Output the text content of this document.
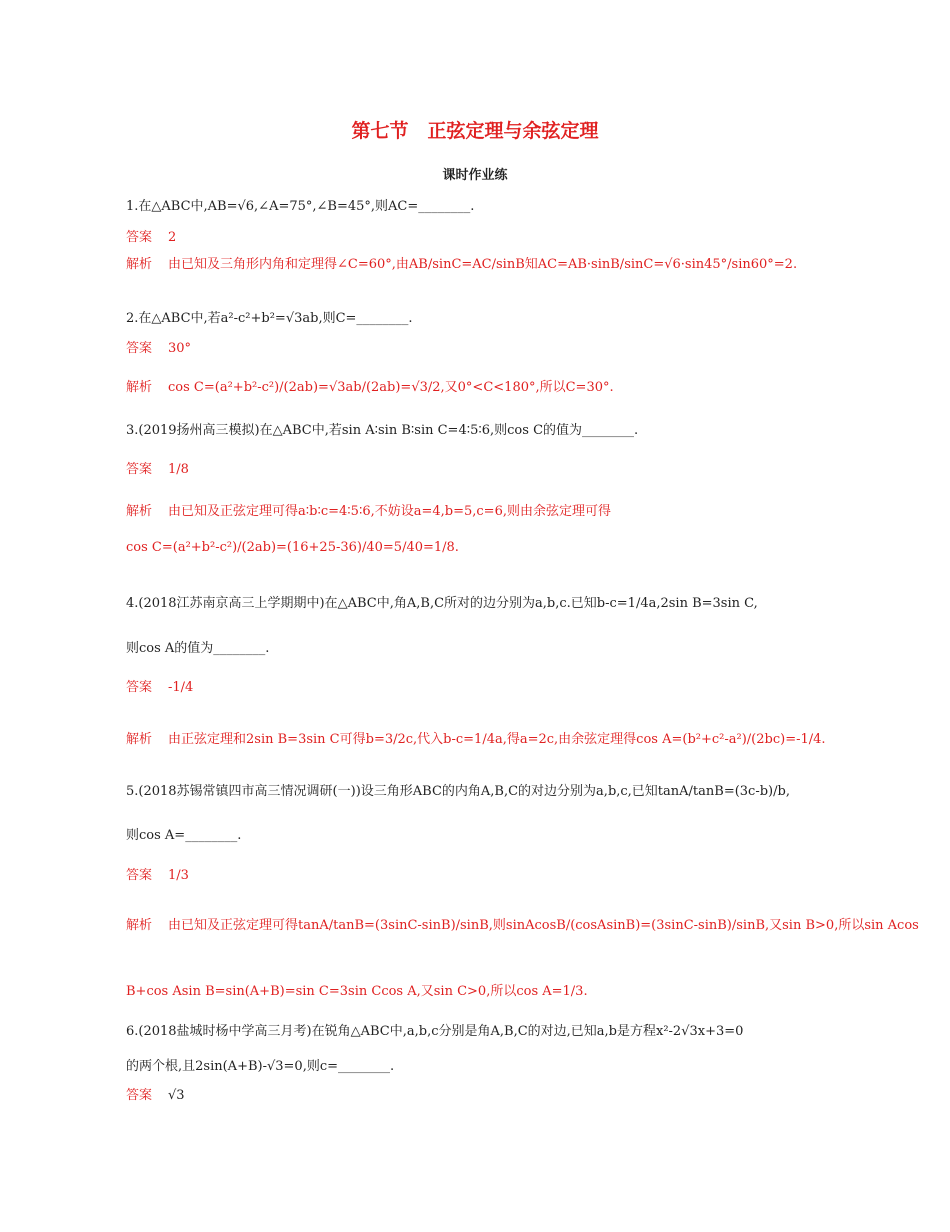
第七节　正弦定理与余弦定理
课时作业练
1.在△ABC中,AB=√6,∠A=75°,∠B=45°,则AC=________.
答案 2
解析 由已知及三角形内角和定理得∠C=60°,由AB/sinC=AC/sinB知AC=AB·sinB/sinC=√6·sin45°/sin60°=2.
2.在△ABC中,若a²-c²+b²=√3ab,则C=________.
答案 30°
解析 cos C=(a²+b²-c²)/(2ab)=√3ab/(2ab)=√3/2,又0°<C<180°,所以C=30°.
3.(2019扬州高三模拟)在△ABC中,若sin A∶sin B∶sin C=4∶5∶6,则cos C的值为________.
答案 1/8
解析 由已知及正弦定理可得a∶b∶c=4∶5∶6,不妨设a=4,b=5,c=6,则由余弦定理可得
cos C=(a²+b²-c²)/(2ab)=(16+25-36)/40=5/40=1/8.
4.(2018江苏南京高三上学期期中)在△ABC中,角A,B,C所对的边分别为a,b,c.已知b-c=1/4a,2sin B=3sin C,
则cos A的值为________.
答案 -1/4
解析 由正弦定理和2sin B=3sin C可得b=3/2c,代入b-c=1/4a,得a=2c,由余弦定理得cos A=(b²+c²-a²)/(2bc)=-1/4.
5.(2018苏锡常镇四市高三情况调研(一))设三角形ABC的内角A,B,C的对边分别为a,b,c,已知tanA/tanB=(3c-b)/b,
则cos A=________.
答案 1/3
解析 由已知及正弦定理可得tanA/tanB=(3sinC-sinB)/sinB,则sinAcosB/(cosAsinB)=(3sinC-sinB)/sinB,又sin B>0,所以sin Acos
B+cos Asin B=sin(A+B)=sin C=3sin Ccos A,又sin C>0,所以cos A=1/3.
6.(2018盐城时杨中学高三月考)在锐角△ABC中,a,b,c分别是角A,B,C的对边,已知a,b是方程x²-2√3x+3=0
的两个根,且2sin(A+B)-√3=0,则c=________.
答案 √3
